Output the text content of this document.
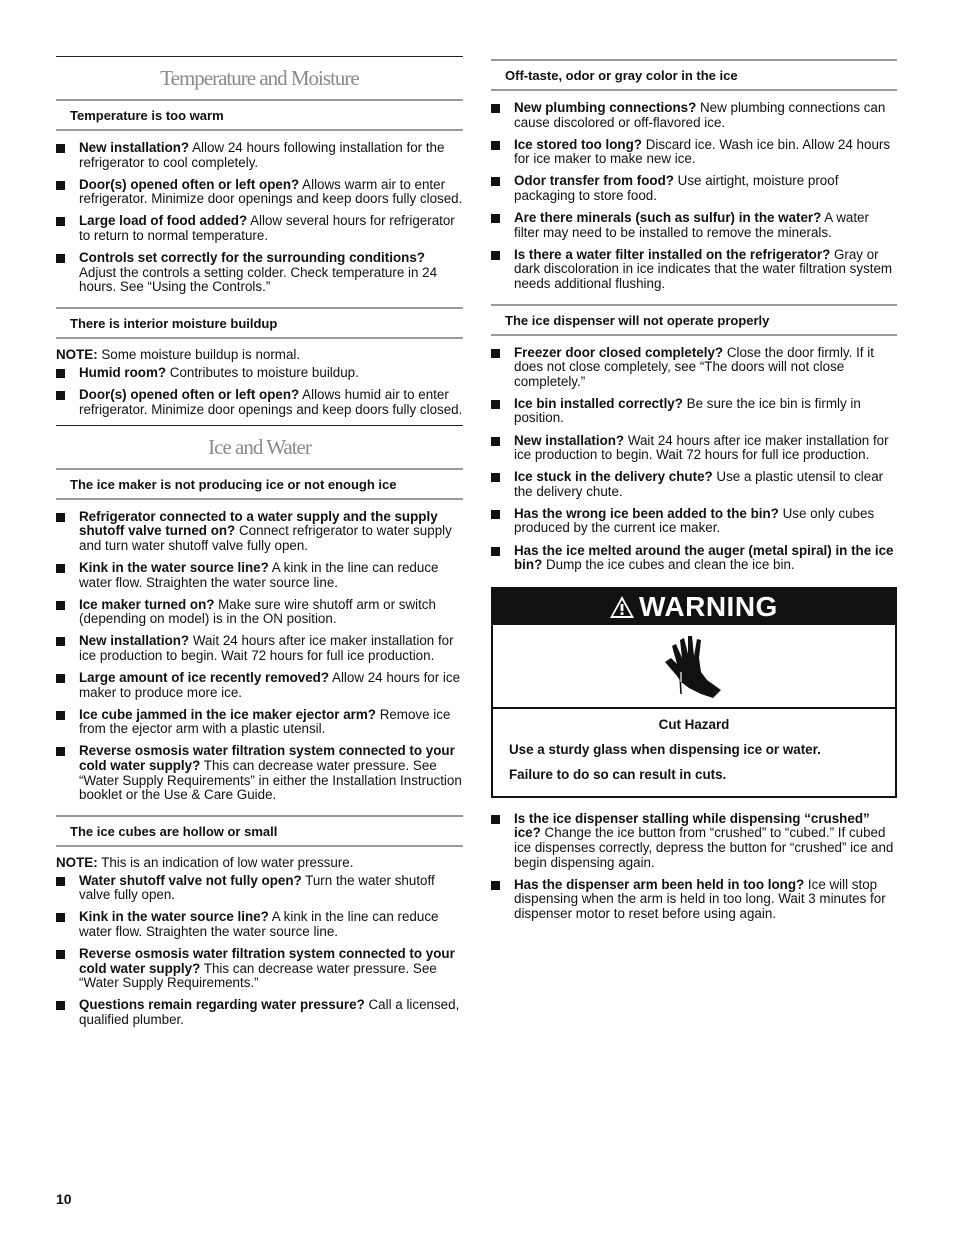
Temperature and Moisture
Temperature is too warm
New installation? Allow 24 hours following installation for the refrigerator to cool completely.
Door(s) opened often or left open? Allows warm air to enter refrigerator. Minimize door openings and keep doors fully closed.
Large load of food added? Allow several hours for refrigerator to return to normal temperature.
Controls set correctly for the surrounding conditions? Adjust the controls a setting colder. Check temperature in 24 hours. See “Using the Controls.”
There is interior moisture buildup
NOTE: Some moisture buildup is normal.
Humid room? Contributes to moisture buildup.
Door(s) opened often or left open? Allows humid air to enter refrigerator. Minimize door openings and keep doors fully closed.
Ice and Water
The ice maker is not producing ice or not enough ice
Refrigerator connected to a water supply and the supply shutoff valve turned on? Connect refrigerator to water supply and turn water shutoff valve fully open.
Kink in the water source line? A kink in the line can reduce water flow. Straighten the water source line.
Ice maker turned on? Make sure wire shutoff arm or switch (depending on model) is in the ON position.
New installation? Wait 24 hours after ice maker installation for ice production to begin. Wait 72 hours for full ice production.
Large amount of ice recently removed? Allow 24 hours for ice maker to produce more ice.
Ice cube jammed in the ice maker ejector arm? Remove ice from the ejector arm with a plastic utensil.
Reverse osmosis water filtration system connected to your cold water supply? This can decrease water pressure. See “Water Supply Requirements” in either the Installation Instruction booklet or the Use & Care Guide.
The ice cubes are hollow or small
NOTE: This is an indication of low water pressure.
Water shutoff valve not fully open? Turn the water shutoff valve fully open.
Kink in the water source line? A kink in the line can reduce water flow. Straighten the water source line.
Reverse osmosis water filtration system connected to your cold water supply? This can decrease water pressure. See “Water Supply Requirements.”
Questions remain regarding water pressure? Call a licensed, qualified plumber.
Off-taste, odor or gray color in the ice
New plumbing connections? New plumbing connections can cause discolored or off-flavored ice.
Ice stored too long? Discard ice. Wash ice bin. Allow 24 hours for ice maker to make new ice.
Odor transfer from food? Use airtight, moisture proof packaging to store food.
Are there minerals (such as sulfur) in the water? A water filter may need to be installed to remove the minerals.
Is there a water filter installed on the refrigerator? Gray or dark discoloration in ice indicates that the water filtration system needs additional flushing.
The ice dispenser will not operate properly
Freezer door closed completely? Close the door firmly. If it does not close completely, see “The doors will not close completely.”
Ice bin installed correctly? Be sure the ice bin is firmly in position.
New installation? Wait 24 hours after ice maker installation for ice production to begin. Wait 72 hours for full ice production.
Ice stuck in the delivery chute? Use a plastic utensil to clear the delivery chute.
Has the wrong ice been added to the bin? Use only cubes produced by the current ice maker.
Has the ice melted around the auger (metal spiral) in the ice bin? Dump the ice cubes and clean the ice bin.
WARNING
Cut Hazard

Use a sturdy glass when dispensing ice or water.

Failure to do so can result in cuts.

Is the ice dispenser stalling while dispensing “crushed” ice? Change the ice button from “crushed” to “cubed.” If cubed ice dispenses correctly, depress the button for “crushed” ice and begin dispensing again.
Has the dispenser arm been held in too long? Ice will stop dispensing when the arm is held in too long. Wait 3 minutes for dispenser motor to reset before using again.
10
